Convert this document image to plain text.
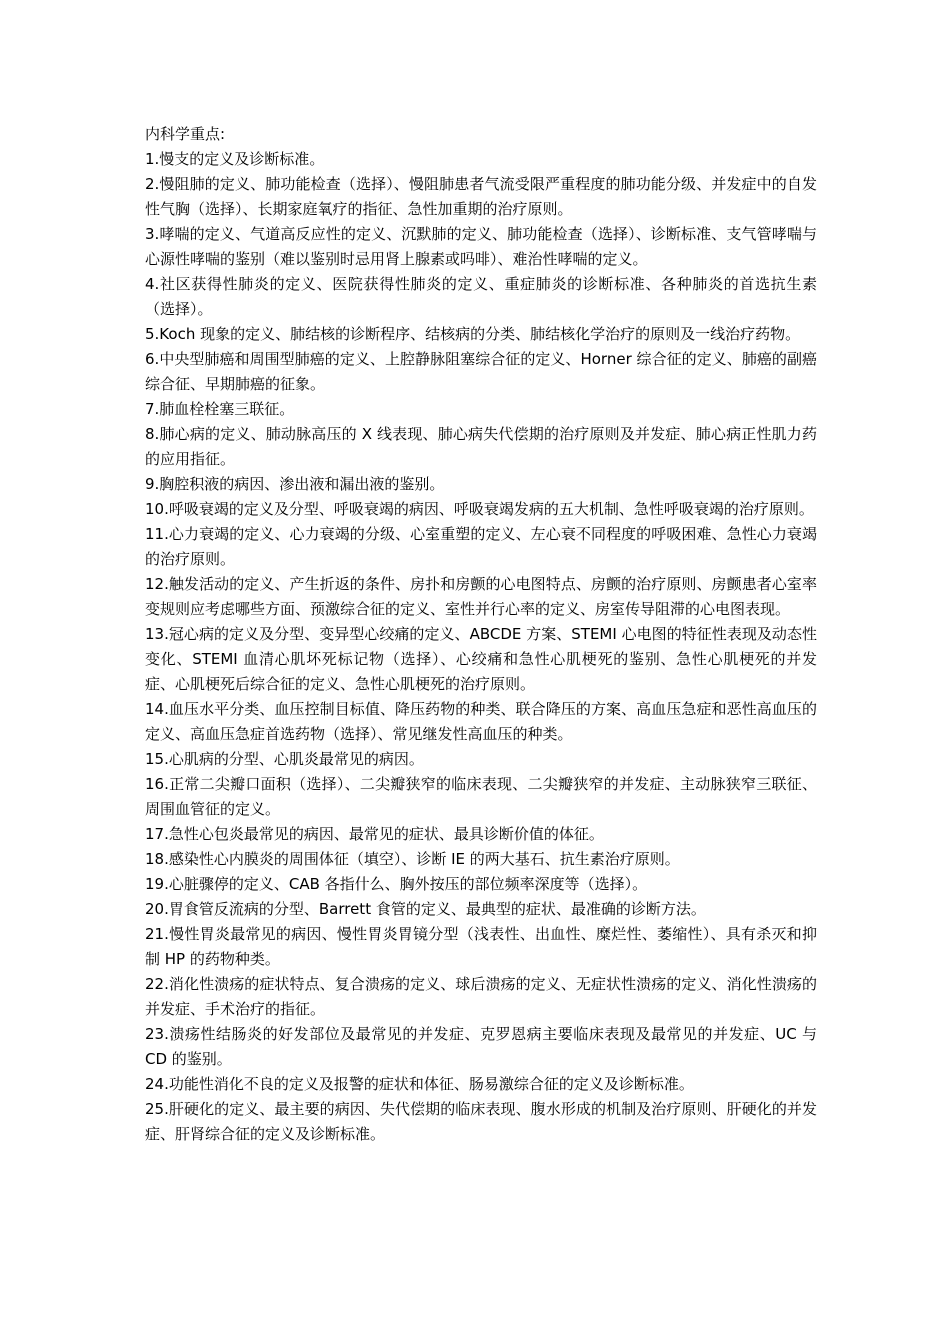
内科学重点:

1.慢支的定义及诊断标准。

2.慢阻肺的定义、肺功能检查（选择）、慢阻肺患者气流受限严重程度的肺功能分级、并发症中的自发性气胸（选择）、长期家庭氧疗的指征、急性加重期的治疗原则。

3.哮喘的定义、气道高反应性的定义、沉默肺的定义、肺功能检查（选择）、诊断标准、支气管哮喘与心源性哮喘的鉴别（难以鉴别时忌用肾上腺素或吗啡）、难治性哮喘的定义。

4.社区获得性肺炎的定义、医院获得性肺炎的定义、重症肺炎的诊断标准、各种肺炎的首选抗生素（选择）。

5.Koch 现象的定义、肺结核的诊断程序、结核病的分类、肺结核化学治疗的原则及一线治疗药物。

6.中央型肺癌和周围型肺癌的定义、上腔静脉阻塞综合征的定义、Horner 综合征的定义、肺癌的副癌综合征、早期肺癌的征象。

7.肺血栓栓塞三联征。

8.肺心病的定义、肺动脉高压的 X 线表现、肺心病失代偿期的治疗原则及并发症、肺心病正性肌力药的应用指征。

9.胸腔积液的病因、渗出液和漏出液的鉴别。

10.呼吸衰竭的定义及分型、呼吸衰竭的病因、呼吸衰竭发病的五大机制、急性呼吸衰竭的治疗原则。

11.心力衰竭的定义、心力衰竭的分级、心室重塑的定义、左心衰不同程度的呼吸困难、急性心力衰竭的治疗原则。

12.触发活动的定义、产生折返的条件、房扑和房颤的心电图特点、房颤的治疗原则、房颤患者心室率变规则应考虑哪些方面、预激综合征的定义、室性并行心率的定义、房室传导阻滞的心电图表现。

13.冠心病的定义及分型、变异型心绞痛的定义、ABCDE 方案、STEMI 心电图的特征性表现及动态性变化、STEMI 血清心肌坏死标记物（选择）、心绞痛和急性心肌梗死的鉴别、急性心肌梗死的并发症、心肌梗死后综合征的定义、急性心肌梗死的治疗原则。

14.血压水平分类、血压控制目标值、降压药物的种类、联合降压的方案、高血压急症和恶性高血压的定义、高血压急症首选药物（选择）、常见继发性高血压的种类。

15.心肌病的分型、心肌炎最常见的病因。

16.正常二尖瓣口面积（选择）、二尖瓣狭窄的临床表现、二尖瓣狭窄的并发症、主动脉狭窄三联征、周围血管征的定义。

17.急性心包炎最常见的病因、最常见的症状、最具诊断价值的体征。

18.感染性心内膜炎的周围体征（填空）、诊断 IE 的两大基石、抗生素治疗原则。

19.心脏骤停的定义、CAB 各指什么、胸外按压的部位频率深度等（选择）。

20.胃食管反流病的分型、Barrett 食管的定义、最典型的症状、最准确的诊断方法。

21.慢性胃炎最常见的病因、慢性胃炎胃镜分型（浅表性、出血性、糜烂性、萎缩性）、具有杀灭和抑制 HP 的药物种类。

22.消化性溃疡的症状特点、复合溃疡的定义、球后溃疡的定义、无症状性溃疡的定义、消化性溃疡的并发症、手术治疗的指征。

23.溃疡性结肠炎的好发部位及最常见的并发症、克罗恩病主要临床表现及最常见的并发症、UC 与 CD 的鉴别。

24.功能性消化不良的定义及报警的症状和体征、肠易激综合征的定义及诊断标准。

25.肝硬化的定义、最主要的病因、失代偿期的临床表现、腹水形成的机制及治疗原则、肝硬化的并发症、肝肾综合征的定义及诊断标准。
